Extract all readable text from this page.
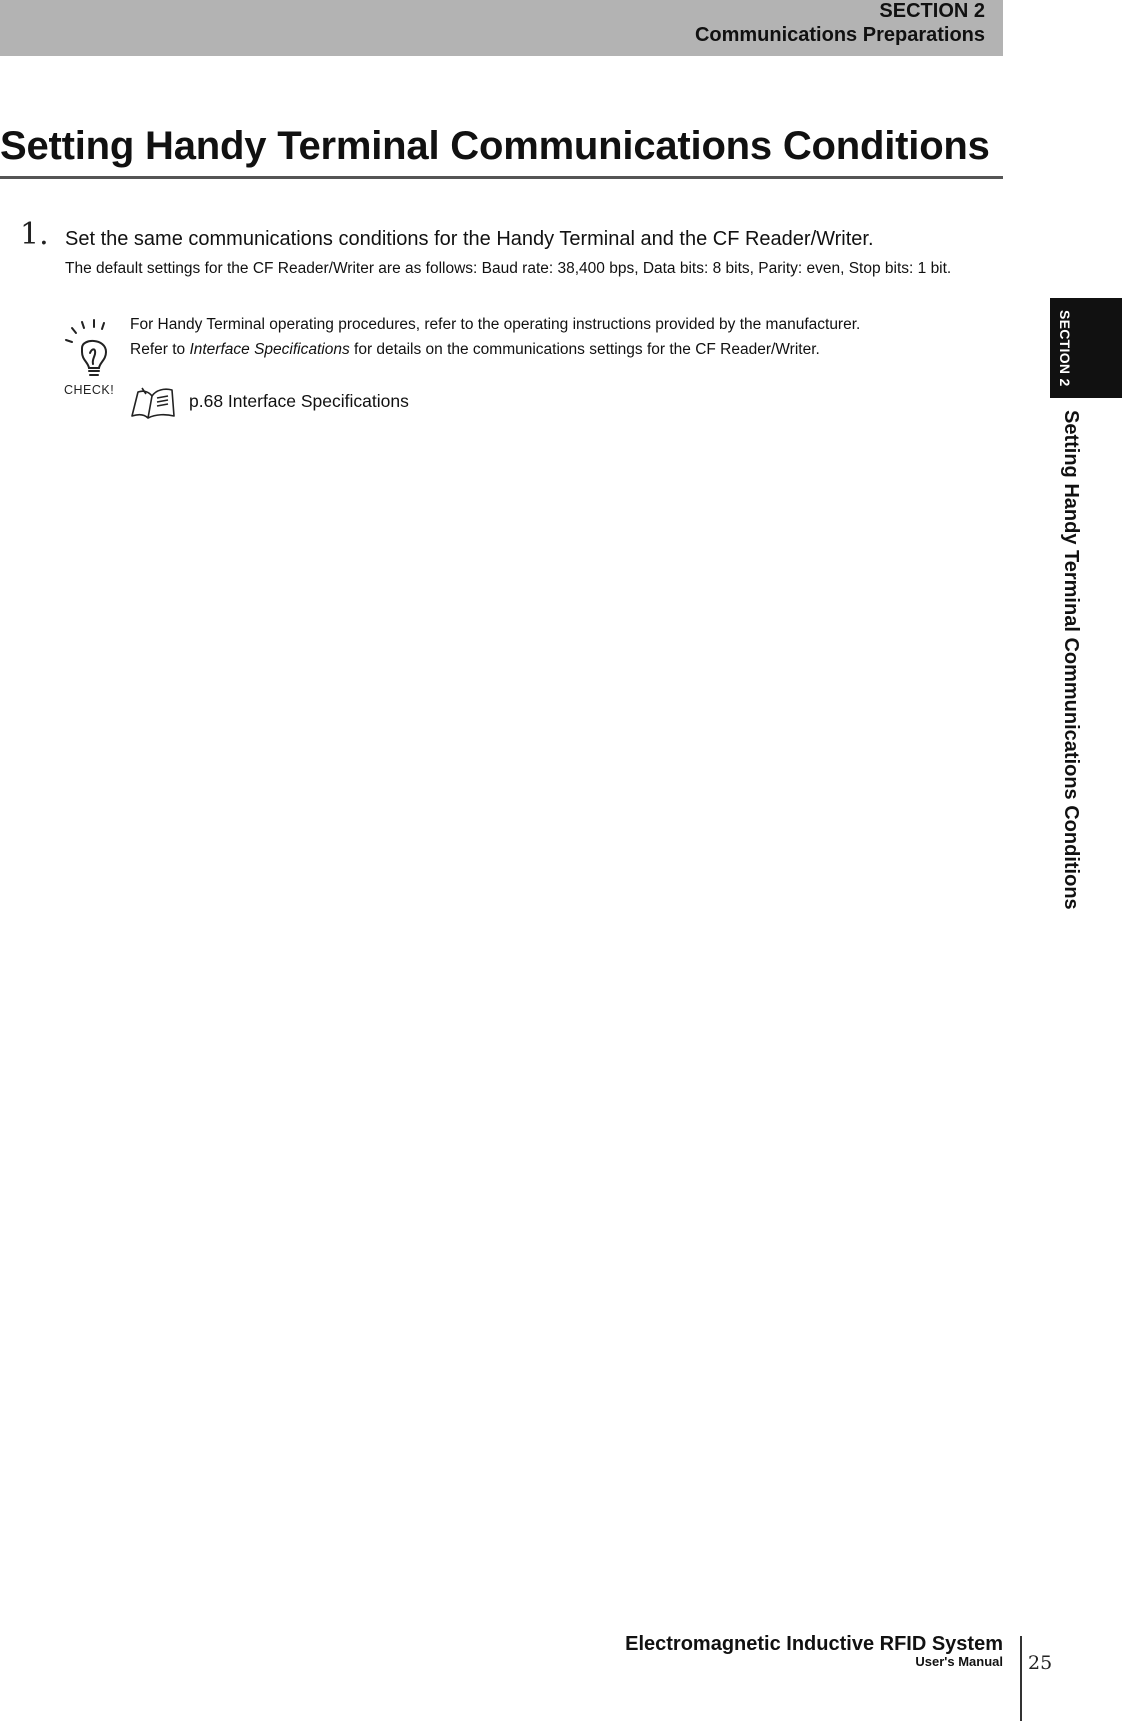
SECTION 2
Communications Preparations
Setting Handy Terminal Communications Conditions
1. Set the same communications conditions for the Handy Terminal and the CF Reader/Writer.
The default settings for the CF Reader/Writer are as follows: Baud rate: 38,400 bps, Data bits: 8 bits, Parity: even, Stop bits: 1 bit.
CHECK!
For Handy Terminal operating procedures, refer to the operating instructions provided by the manufacturer.
Refer to Interface Specifications for details on the communications settings for the CF Reader/Writer.
p.68 Interface Specifications
SECTION 2
Setting Handy Terminal Communications Conditions
Electromagnetic Inductive RFID System
User's Manual 25
